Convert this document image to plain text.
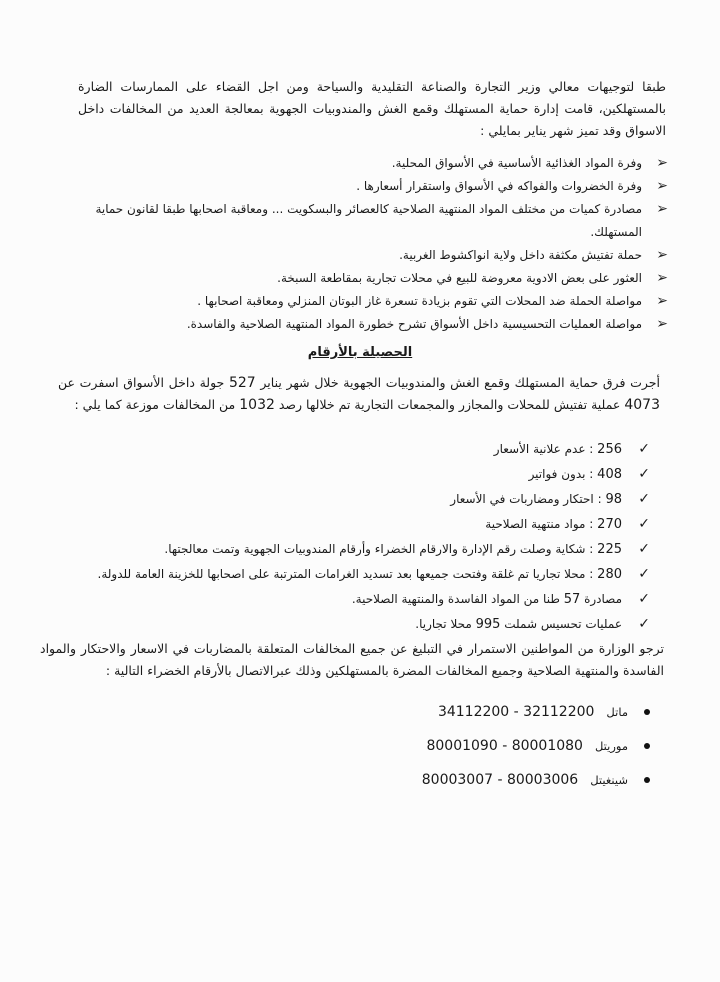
طبقا لتوجيهات معالي وزير التجارة والصناعة التقليدية والسياحة ومن اجل القضاء على الممارسات الضارة بالمستهلكين، قامت إدارة حماية المستهلك وقمع الغش والمندوبيات الجهوية بمعالجة العديد من المخالفات داخل الاسواق وقد تميز شهر يناير بمايلي :

➢
وفرة المواد الغذائية الأساسية في الأسواق المحلية.
➢
وفرة الخضروات والفواكه في الأسواق واستقرار أسعارها .
➢
مصادرة كميات من مختلف المواد المنتهية الصلاحية كالعصائر والبسكويت ... ومعاقبة اصحابها طبقا لقانون حماية المستهلك.
➢
حملة تفتيش مكثفة داخل ولاية انواكشوط الغربية.
➢
العثور على بعض الادوية معروضة للبيع في محلات تجارية بمقاطعة السبخة.
➢
مواصلة الحملة ضد المحلات التي تقوم بزيادة تسعرة غاز البوتان المنزلي ومعاقبة اصحابها .
➢
مواصلة العمليات التحسيسية داخل الأسواق تشرح خطورة المواد المنتهية الصلاحية والفاسدة.
الحصيلة بالأرقام

أجرت فرق حماية المستهلك وقمع الغش والمندوبيات الجهوية خلال شهر يناير 527 جولة داخل الأسواق اسفرت عن 4073 عملية تفتيش للمحلات والمجازر والمجمعات التجارية تم خلالها رصد 1032 من المخالفات موزعة كما يلي :

✓
256 : عدم علانية الأسعار
✓
408 : بدون فواتير
✓
98 : احتكار ومضاربات في الأسعار
✓
270 : مواد منتهية الصلاحية
✓
225 : شكاية وصلت رقم الإدارة والارقام الخضراء وأرقام المندوبيات الجهوية وتمت معالجتها.
✓
280 : محلا تجاريا تم غلقة وفتحت جميعها بعد تسديد الغرامات المترتبة على اصحابها للخزينة العامة للدولة.
✓
مصادرة 57 طنا من المواد الفاسدة والمنتهية الصلاحية.
✓
عمليات تحسيس شملت 995 محلا تجاريا.

ترجو الوزارة من المواطنين الاستمرار في التبليغ عن جميع المخالفات المتعلقة بالمضاربات في الاسعار والاحتكار والمواد الفاسدة والمنتهية الصلاحية وجميع المخالفات المضرة بالمستهلكين وذلك عبرالاتصال بالأرقام الخضراء التالية :

ماتل
34112200 - 32112200
موريتل
80001090 - 80001080
شينغيتل
80003007 - 80003006
